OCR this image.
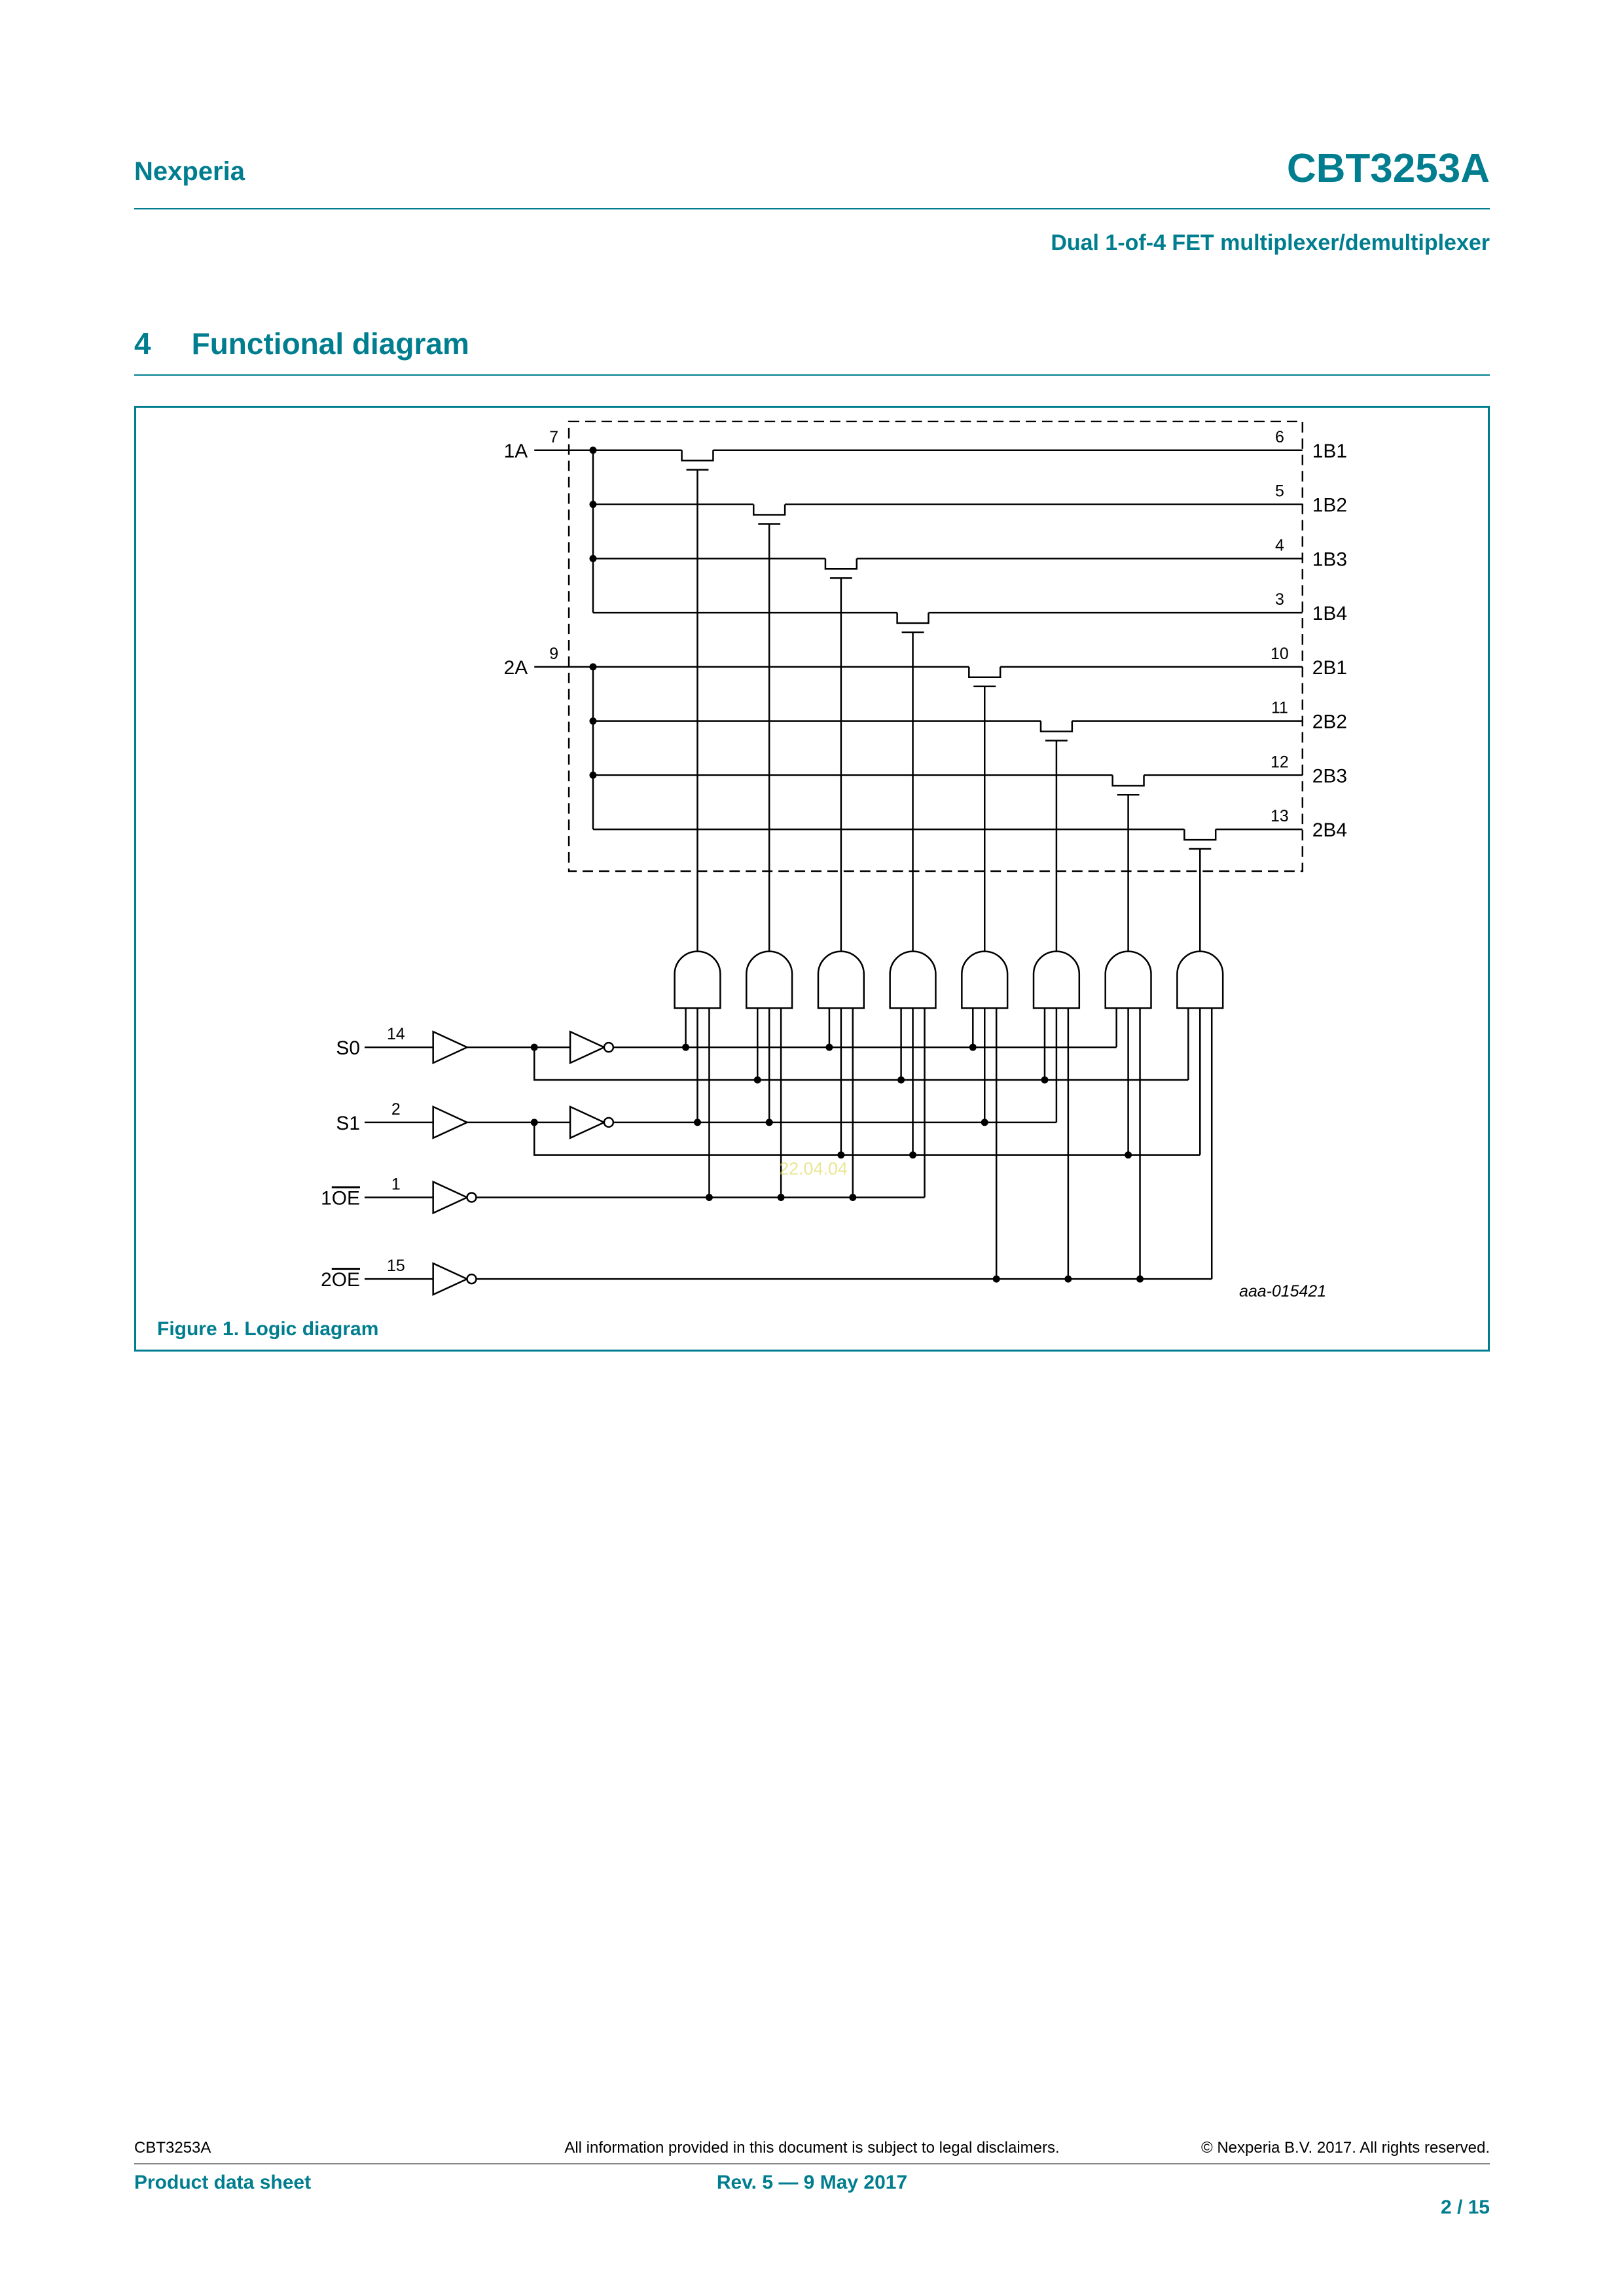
Nexperia	CBT3253A
Dual 1-of-4 FET multiplexer/demultiplexer
4 Functional diagram
1A
7
2A
9
1B1
6
1B2
5
1B3
4
1B4
3
2B1
10
2B2
11
2B3
12
2B4
13
S0
14
S1
2
1OE
1
2OE
15
aaa-015421
22.04.04
Figure 1. Logic diagram
CBT3253A	All information provided in this document is subject to legal disclaimers.	© Nexperia B.V. 2017. All rights reserved.
Product data sheet	Rev. 5 — 9 May 2017
2 / 15
